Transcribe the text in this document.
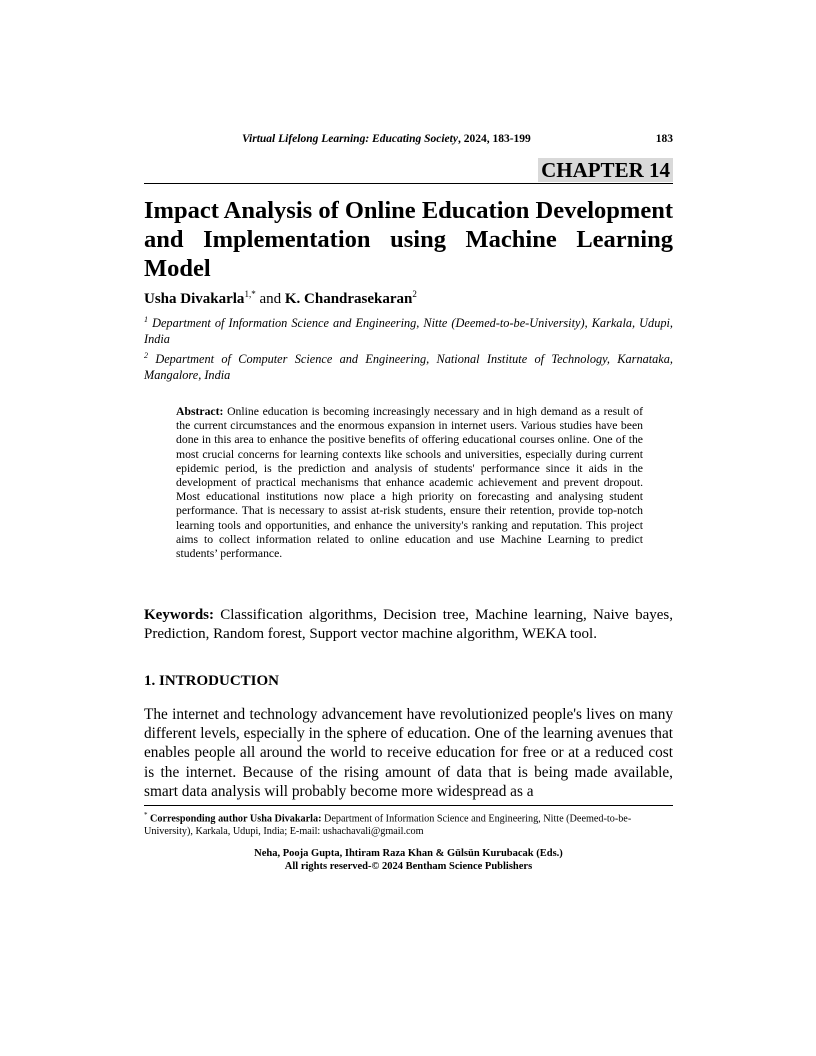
Virtual Lifelong Learning: Educating Society, 2024, 183-199	183
CHAPTER 14
Impact Analysis of Online Education Development and Implementation using Machine Learning Model
Usha Divakarla$^{1,*}$ and K. Chandrasekaran$^2$
$^1$ Department of Information Science and Engineering, Nitte (Deemed-to-be-University), Karkala, Udupi, India
$^2$ Department of Computer Science and Engineering, National Institute of Technology, Karnataka, Mangalore, India
Abstract: Online education is becoming increasingly necessary and in high demand as a result of the current circumstances and the enormous expansion in internet users. Various studies have been done in this area to enhance the positive benefits of offering educational courses online. One of the most crucial concerns for learning contexts like schools and universities, especially during current epidemic period, is the prediction and analysis of students' performance since it aids in the development of practical mechanisms that enhance academic achievement and prevent dropout. Most educational institutions now place a high priority on forecasting and analysing student performance. That is necessary to assist at-risk students, ensure their retention, provide top-notch learning tools and opportunities, and enhance the university's ranking and reputation. This project aims to collect information related to online education and use Machine Learning to predict students’ performance.
Keywords: Classification algorithms, Decision tree, Machine learning, Naive bayes, Prediction, Random forest, Support vector machine algorithm, WEKA tool.
1. INTRODUCTION
The internet and technology advancement have revolutionized people's lives on many different levels, especially in the sphere of education. One of the learning avenues that enables people all around the world to receive education for free or at a reduced cost is the internet. Because of the rising amount of data that is being made available, smart data analysis will probably become more widespread as a
* Corresponding author Usha Divakarla: Department of Information Science and Engineering, Nitte (Deemed-to-be-University), Karkala, Udupi, India; E-mail: ushachavali@gmail.com
Neha, Pooja Gupta, Ihtiram Raza Khan & Gülsün Kurubacak (Eds.)
All rights reserved-© 2024 Bentham Science Publishers
